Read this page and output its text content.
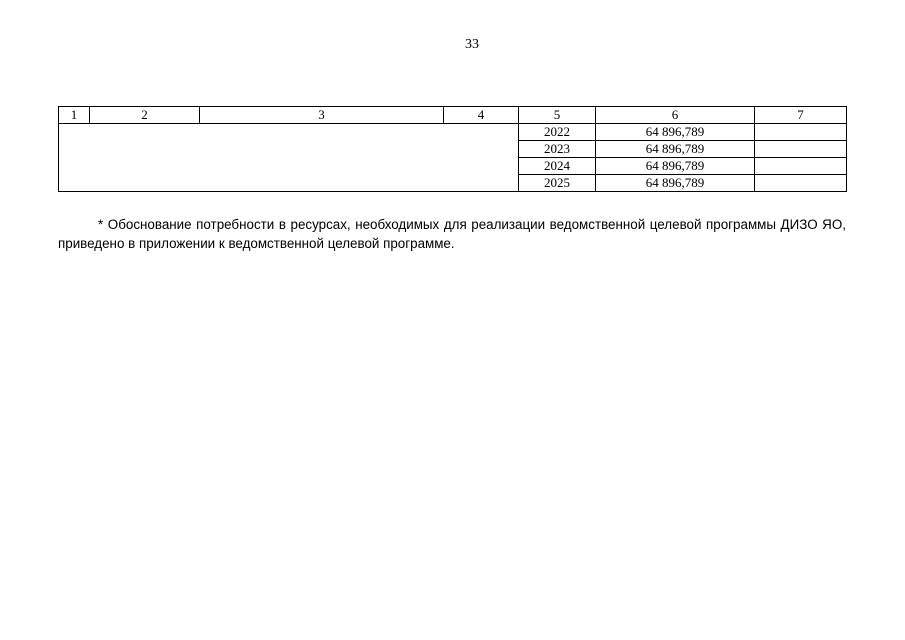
33
1	2	3	4	5	6	7
				2022	64 896,789	
				2023	64 896,789	
				2024	64 896,789	
				2025	64 896,789	

* Обоснование потребности в ресурсах, необходимых для реализации ведомственной целевой программы ДИЗО ЯО, приведено в приложении к ведомственной целевой программе.
